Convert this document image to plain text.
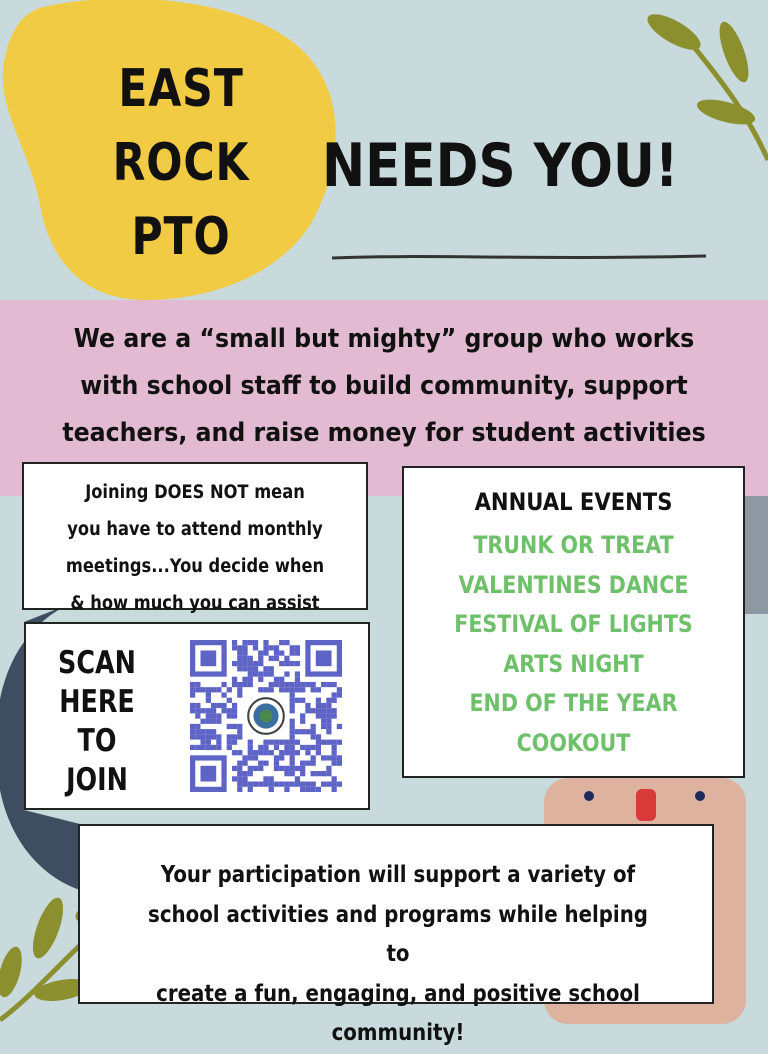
EAST
ROCK
PTO
NEEDS YOU!
We are a “small but mighty” group who works
with school staff to build community, support
teachers, and raise money for student activities
Joining DOES NOT mean
you have to attend monthly
meetings...You decide when
& how much you can assist
ANNUAL EVENTS
TRUNK OR TREAT
VALENTINES DANCE
FESTIVAL OF LIGHTS
ARTS NIGHT
END OF THE YEAR
COOKOUT
SCAN
HERE
TO
JOIN
Your participation will support a variety of
school activities and programs while helping to
create a fun, engaging, and positive school
community!
